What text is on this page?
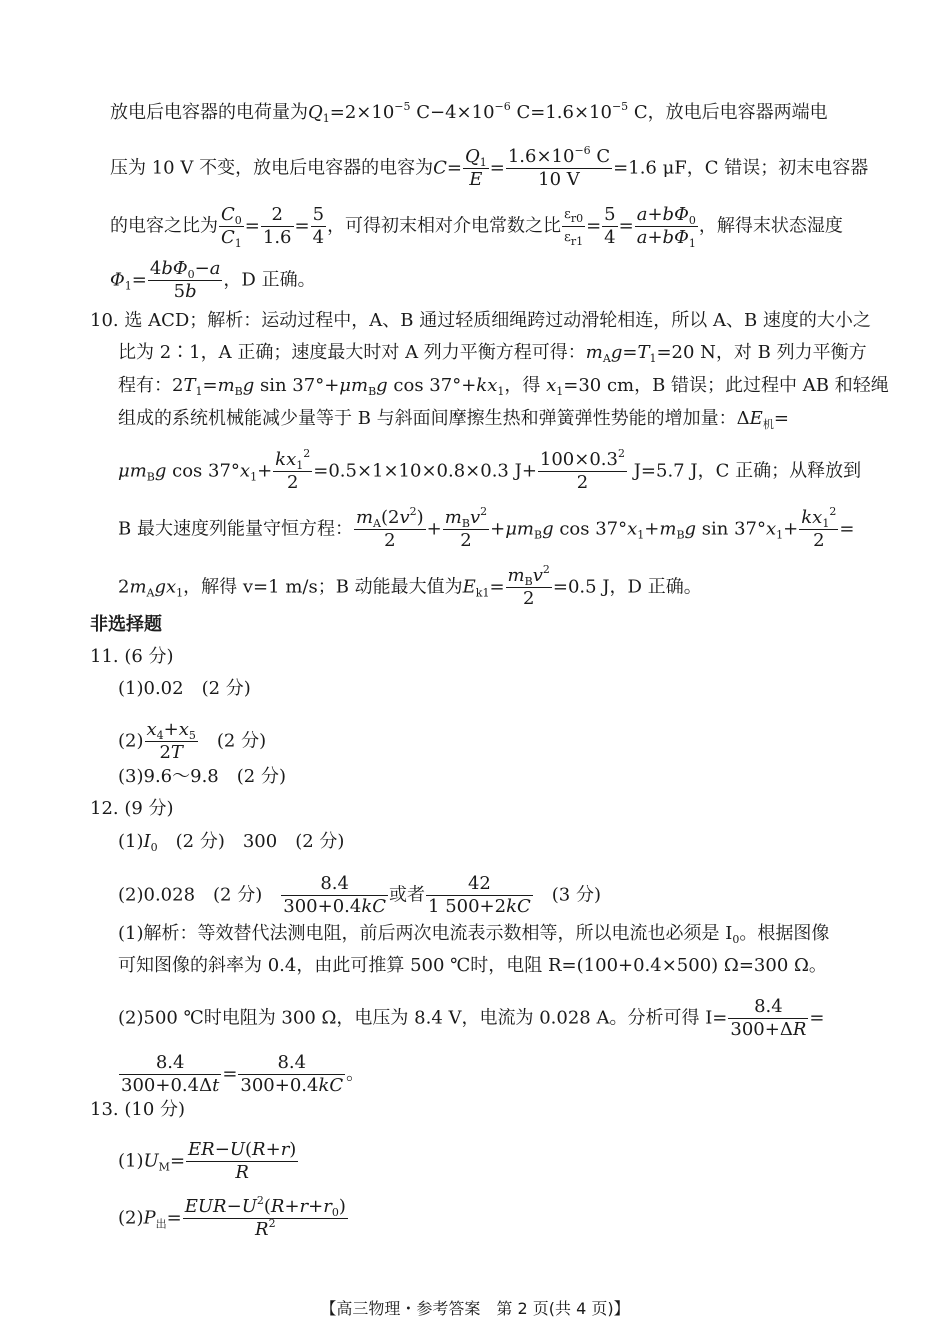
放电后电容器的电荷量为$Q_1=2\times 10^{-5}$ $C-4\times 10^{-6}$ $C=1.6\times 10^{-5}$ C，放电后电容器两端电
压为 10 V 不变，放电后电容器的电容为$C= \frac{Q_1}{E} = \frac{1.6\times 10^{-6} C}{10 V} =1.6$ μF，C 错误；初末电容器
的电容之比为 $\frac{C_0}{C_1} = \frac{2}{1.6} = \frac{5}{4}$ ，可得初末相对介电常数之比 $\frac{\varepsilon_{r0}}{\varepsilon_{r1}} = \frac{5}{4} = \frac{a+b\Phi_0}{a+b\Phi_1}$ ，解得末状态湿度
$\Phi_1= \frac{4b\Phi_0-a}{5b}$ ，D 正确。
10. 选 ACD；解析：运动过程中，A、B 通过轻质细绳跨过动滑轮相连，所以 A、B 速度的大小之
比为 2∶1，A 正确；速度最大时对 A 列力平衡方程可得：$m_Ag=T_1=20$ N，对 B 列力平衡方
程有：$2T_1=m_Bg$ $\sin 37^\circ+\mu m_Bg$ $\cos 37^\circ+kx_1$，得 $x_1=30$ cm，B 错误；此过程中 AB 和轻绳
组成的系统机械能减少量等于 B 与斜面间摩擦生热和弹簧弹性势能的增加量：$\Delta E_机=$
$\mu m_Bg$ $\cos 37^\circ x_1+ \frac{kx_1^2}{2} =0.5\times 1\times 10\times 0.8\times 0.3$ $J+ \frac{100\times 0.3^2}{2} J=5.7$ J，C 正确；从释放到
B 最大速度列能量守恒方程： $\frac{m_A(2v^2)}{2} + \frac{m_Bv^2}{2} +\mu m_Bg$ $\cos 37^\circ x_1+m_Bg$ $\sin 37^\circ x_1+ \frac{kx_1^2}{2}$ =
$2m_Agx_1$，解得 v=1 m/s；B 动能最大值为$E_{k1}= \frac{m_Bv^2}{2} =0.5$ J，D 正确。
非选择题
11. (6 分)
(1)0.02　(2 分)
$(2) \frac{x_4+x_5}{2T}$ 　(2 分)
(3)9.6～9.8　(2 分)
12. (9 分)
$(1)I_0$　(2 分)　300　(2 分)
(2)0.028　(2 分)　 $\frac{8.4}{300+0.4kC}$ 或者 $\frac{42}{1 500+2kC}$ 　(3 分)
(1)解析：等效替代法测电阻，前后两次电流表示数相等，所以电流也必须是 $I_0$。根据图像
可知图像的斜率为 0.4，由此可推算 500 ℃时，电阻 R=(100+0.4×500) Ω=300 Ω。
(2)500 ℃时电阻为 300 Ω，电压为 8.4 V，电流为 0.028 A。分析可得 $I= \frac{8.4}{300+\Delta R}$ =
$\frac{8.4}{300+0.4\Delta t} = \frac{8.4}{300+0.4kC}$ 。
13. (10 分)
$(1)U_M= \frac{ER-U(R+r)}{R}$
$(2)P_出= \frac{EUR-U^2(R+r+r_0)}{R^2}$
【高三物理・参考答案　第 2 页(共 4 页)】
